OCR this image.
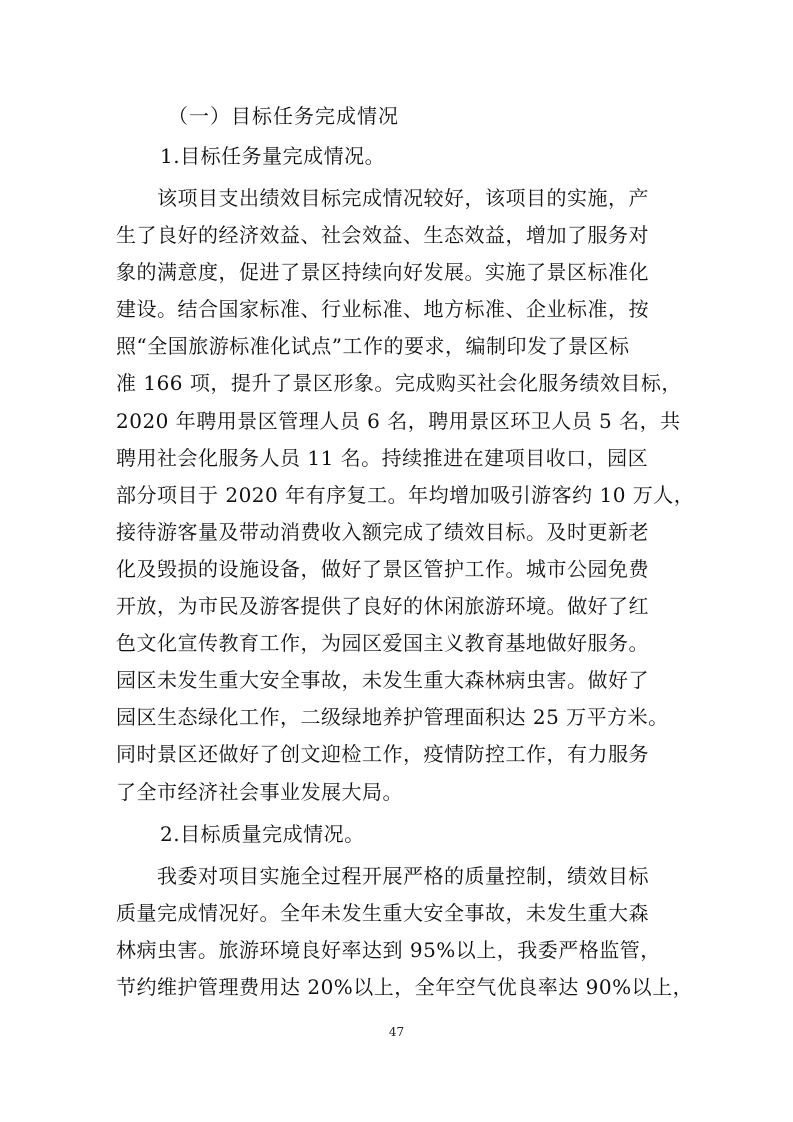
（一）目标任务完成情况
1.目标任务量完成情况。
　　该项目支出绩效目标完成情况较好，该项目的实施，产
生了良好的经济效益、社会效益、生态效益，增加了服务对
象的满意度，促进了景区持续向好发展。实施了景区标准化
建设。结合国家标准、行业标准、地方标准、企业标准，按
照“全国旅游标准化试点”工作的要求，编制印发了景区标
准 166 项，提升了景区形象。完成购买社会化服务绩效目标，
2020 年聘用景区管理人员 6 名，聘用景区环卫人员 5 名，共
聘用社会化服务人员 11 名。持续推进在建项目收口，园区
部分项目于 2020 年有序复工。年均增加吸引游客约 10 万人，
接待游客量及带动消费收入额完成了绩效目标。及时更新老
化及毁损的设施设备，做好了景区管护工作。城市公园免费
开放，为市民及游客提供了良好的休闲旅游环境。做好了红
色文化宣传教育工作，为园区爱国主义教育基地做好服务。
园区未发生重大安全事故，未发生重大森林病虫害。做好了
园区生态绿化工作，二级绿地养护管理面积达 25 万平方米。
同时景区还做好了创文迎检工作，疫情防控工作，有力服务
了全市经济社会事业发展大局。
2.目标质量完成情况。
　　我委对项目实施全过程开展严格的质量控制，绩效目标
质量完成情况好。全年未发生重大安全事故，未发生重大森
林病虫害。旅游环境良好率达到 95%以上，我委严格监管，
节约维护管理费用达 20%以上，全年空气优良率达 90%以上，
47
